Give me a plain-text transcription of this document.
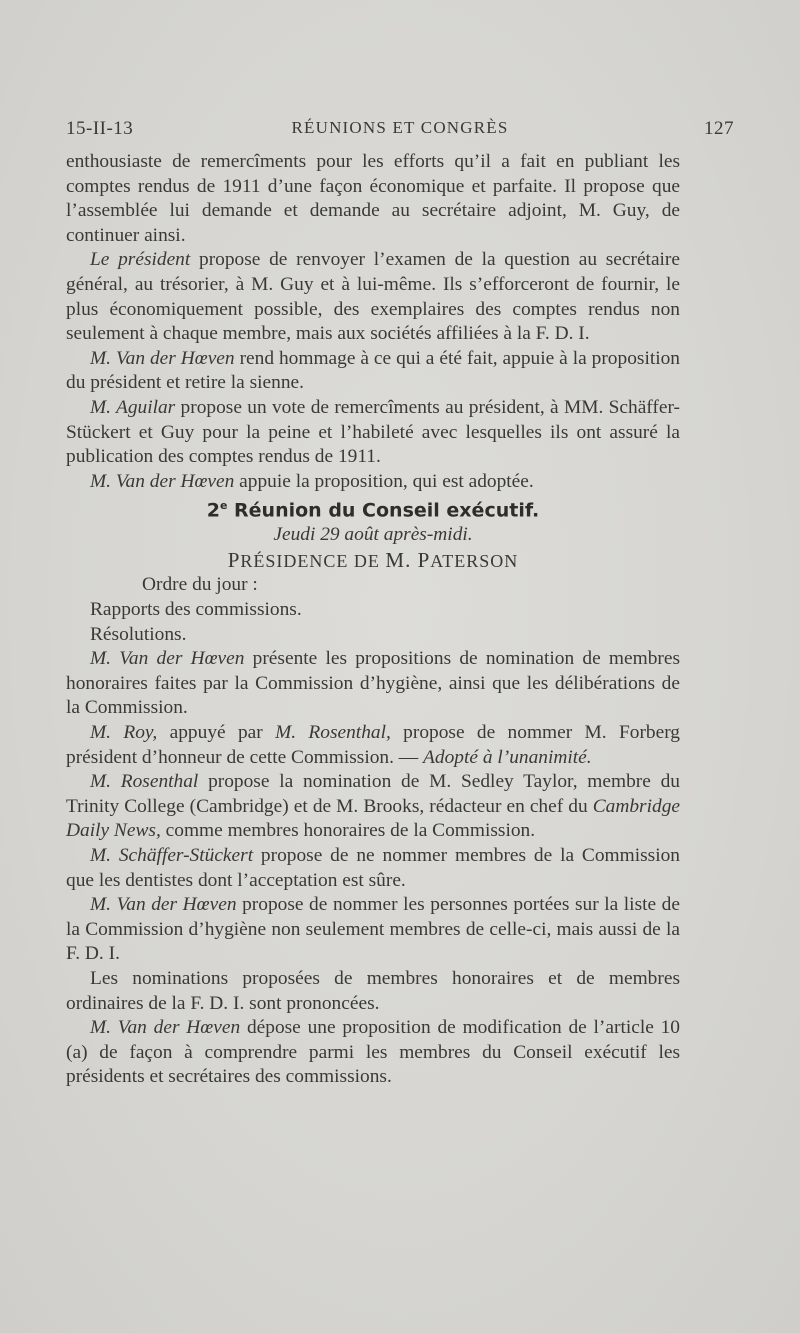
15-II-13	RÉUNIONS ET CONGRÈS	127

enthousiaste de remercîments pour les efforts qu’il a fait en publiant les comptes rendus de 1911 d’une façon économique et parfaite. Il propose que l’assemblée lui demande et demande au secrétaire adjoint, M. Guy, de continuer ainsi.

Le président propose de renvoyer l’examen de la question au secrétaire général, au trésorier, à M. Guy et à lui-même. Ils s’efforceront de fournir, le plus économiquement possible, des exemplaires des comptes rendus non seulement à chaque membre, mais aux sociétés affiliées à la F. D. I.

M. Van der Hœven rend hommage à ce qui a été fait, appuie à la proposition du président et retire la sienne.

M. Aguilar propose un vote de remercîments au président, à MM. Schäffer-Stückert et Guy pour la peine et l’habileté avec lesquelles ils ont assuré la publication des comptes rendus de 1911.

M. Van der Hœven appuie la proposition, qui est adoptée.

2e Réunion du Conseil exécutif.

Jeudi 29 août après-midi.

PRÉSIDENCE DE M. PATERSON

Ordre du jour :

Rapports des commissions.

Résolutions.

M. Van der Hœven présente les propositions de nomination de membres honoraires faites par la Commission d’hygiène, ainsi que les délibérations de la Commission.

M. Roy, appuyé par M. Rosenthal, propose de nommer M. Forberg président d’honneur de cette Commission. — Adopté à l’unanimité.

M. Rosenthal propose la nomination de M. Sedley Taylor, membre du Trinity College (Cambridge) et de M. Brooks, rédacteur en chef du Cambridge Daily News, comme membres honoraires de la Commission.

M. Schäffer-Stückert propose de ne nommer membres de la Commission que les dentistes dont l’acceptation est sûre.

M. Van der Hœven propose de nommer les personnes portées sur la liste de la Commission d’hygiène non seulement membres de celle-ci, mais aussi de la F. D. I.

Les nominations proposées de membres honoraires et de membres ordinaires de la F. D. I. sont prononcées.

M. Van der Hœven dépose une proposition de modification de l’article 10 (a) de façon à comprendre parmi les membres du Conseil exécutif les présidents et secrétaires des commissions.
